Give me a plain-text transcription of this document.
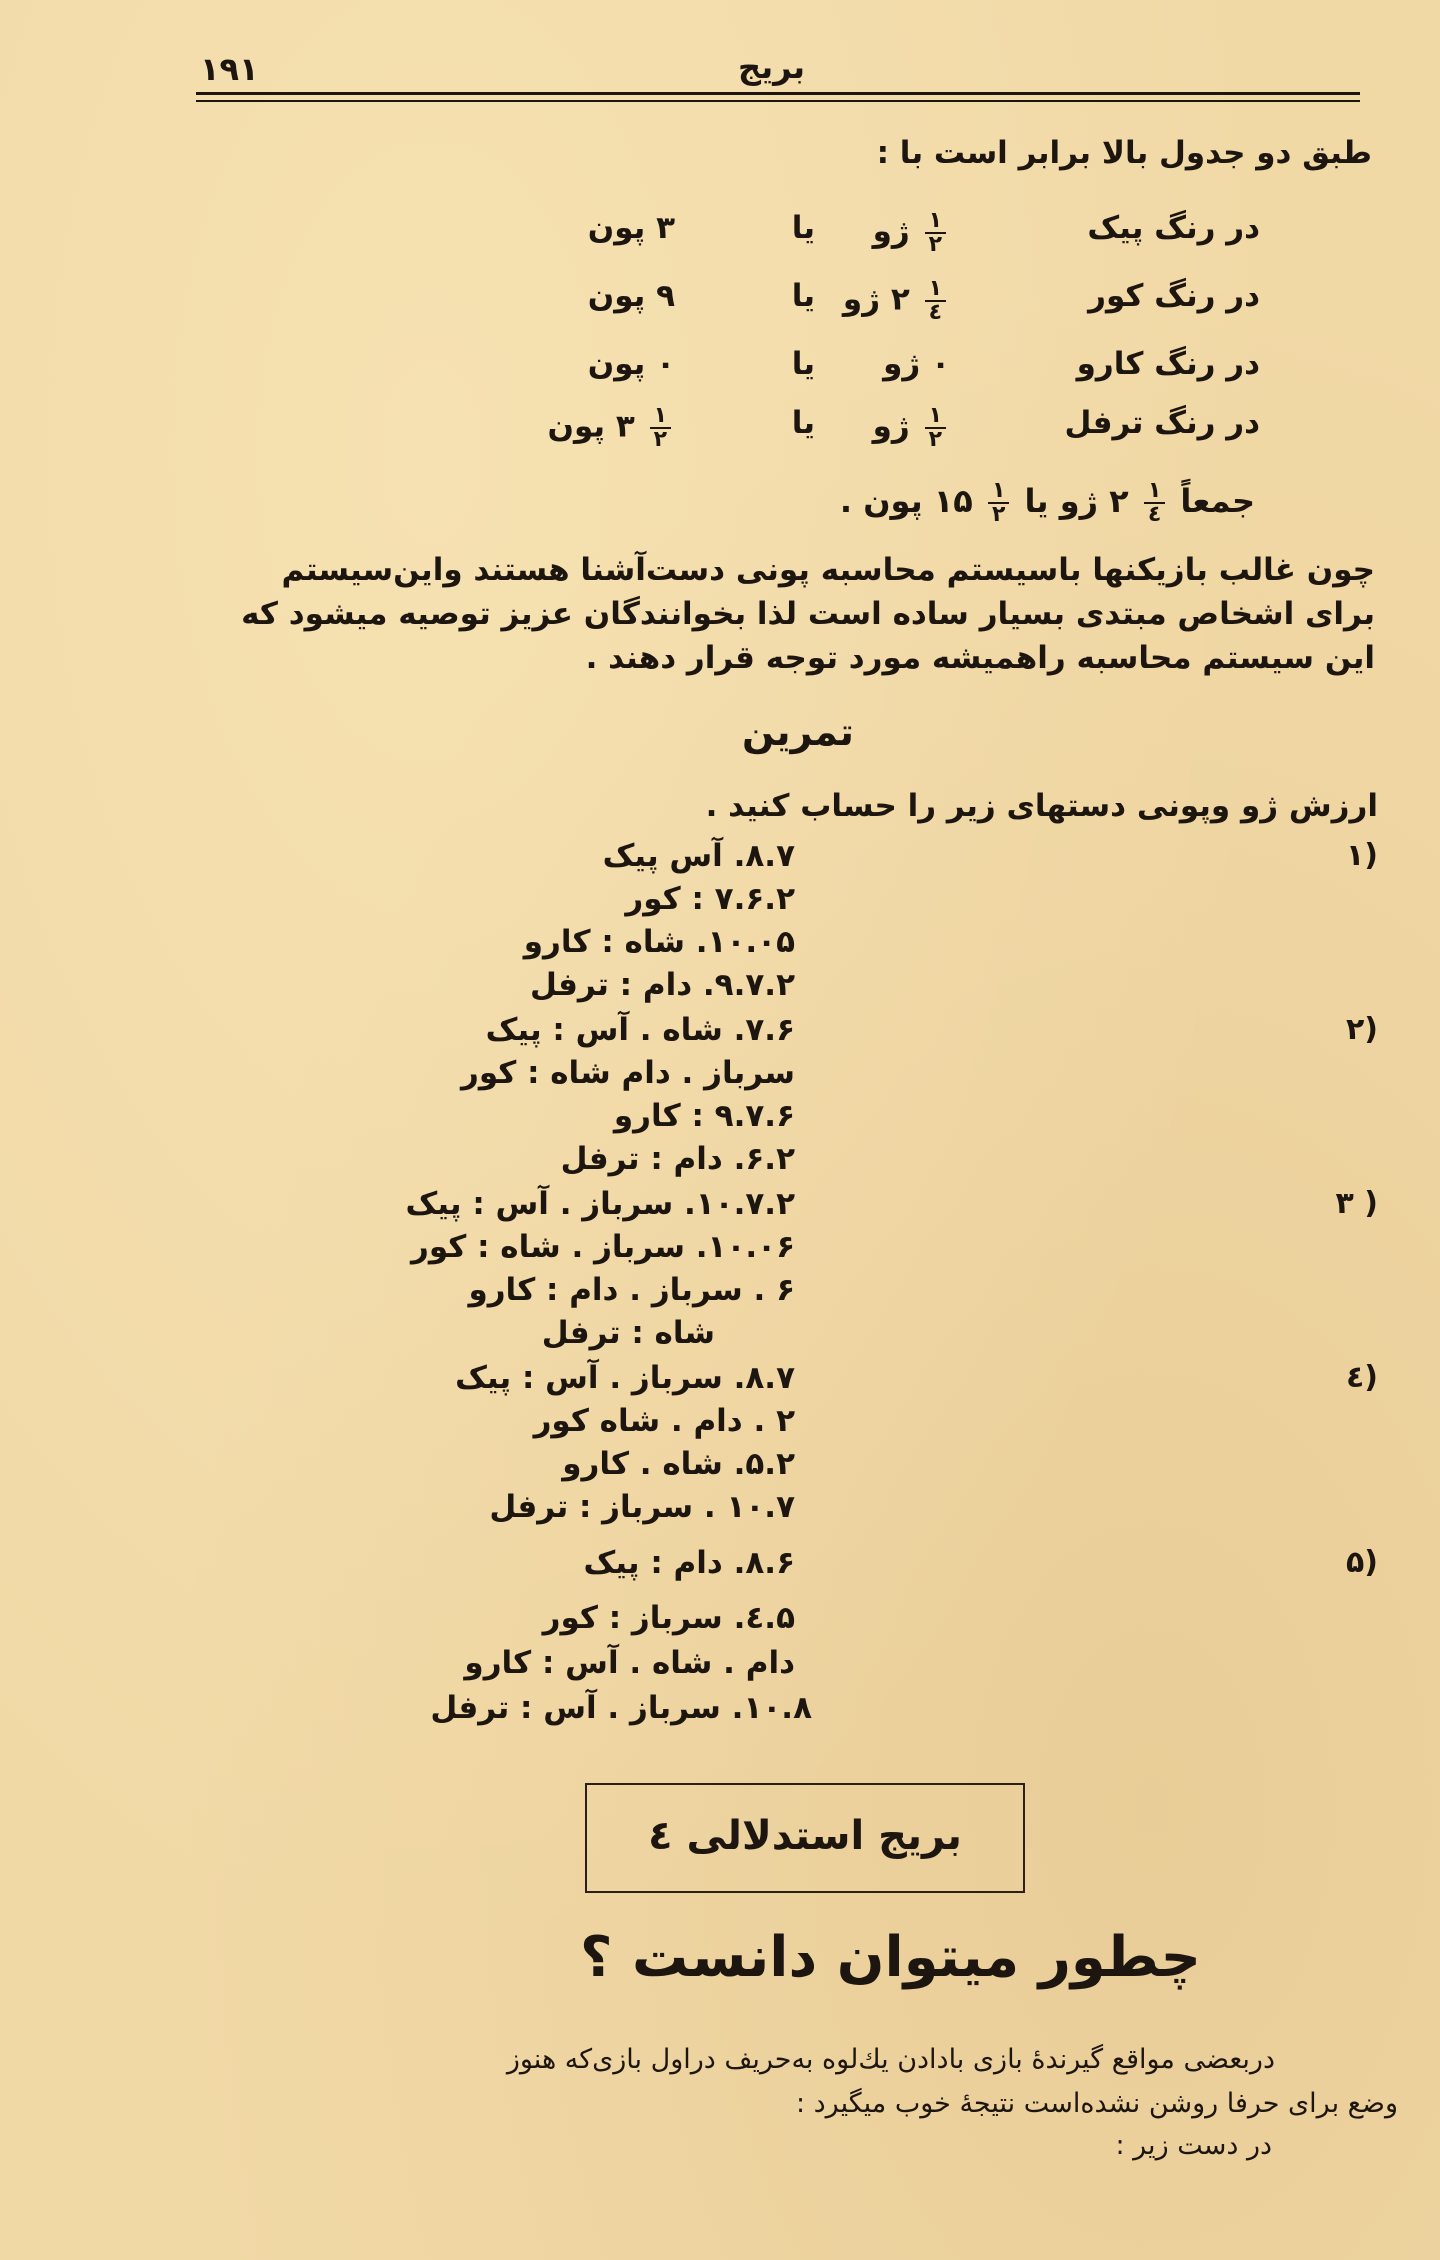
۱۹۱	بریج
طبق دو جدول بالا برابر است با :
در رنگ پیک
$\frac{۱}{۲}$
ژو
یا
۳ پون
در رنگ کور
$\frac{۱}{٤}$
۲ ژو
یا
۹ پون
در رنگ کارو
۰ ژو
یا
۰ پون
در رنگ ترفل
$\frac{۱}{۲}$
ژو
یا
$\frac{۱}{۲}$
۳ پون
جمعاً
$\frac{۱}{٤}$
۲ ژو یا
$\frac{۱}{۲}$
۱۵ پون .
چون غالب بازیکنها باسیستم محاسبه پونی دست‌آشنا هستند واین‌سیستم
برای اشخاص مبتدی بسیار ساده است لذا بخوانندگان عزیز توصیه میشود که
این سیستم محاسبه راهمیشه مورد توجه قرار دهند .
تمرین
ارزش ژو وپونی دستهای زیر را حساب کنید .
۱)
۸.۷. آس پیک
۷.۶.۲ : کور
۱۰.۰۵. شاه : کارو
۹.۷.۲. دام : ترفل
۲)
۷.۶. شاه . آس : پیک
سرباز . دام شاه : کور
۹.۷.۶ : کارو
۶.۲. دام : ترفل
۳ )
۱۰.۷.۲. سرباز . آس : پیک
۱۰.۰۶. سرباز . شاه : کور
۶ . سرباز . دام : کارو
شاه : ترفل
٤)
۸.۷. سرباز . آس : پیک
۲ . دام . شاه کور
۵.۲. شاه . کارو
۱۰.۷ . سرباز : ترفل
۵)
۸.۶. دام : پیک
۵.٤. سرباز : کور
دام . شاه . آس : کارو
۱۰.۸. سرباز . آس : ترفل
بریج استدلالی ٤
چطور میتوان دانست ؟
دربعضی مواقع گیرندهٔ بازی بادادن یك‌لوه به‌حریف دراول بازی‌که هنوز
وضع برای حرفا روشن نشده‌است نتیجهٔ خوب میگیرد :
در دست زیر :
